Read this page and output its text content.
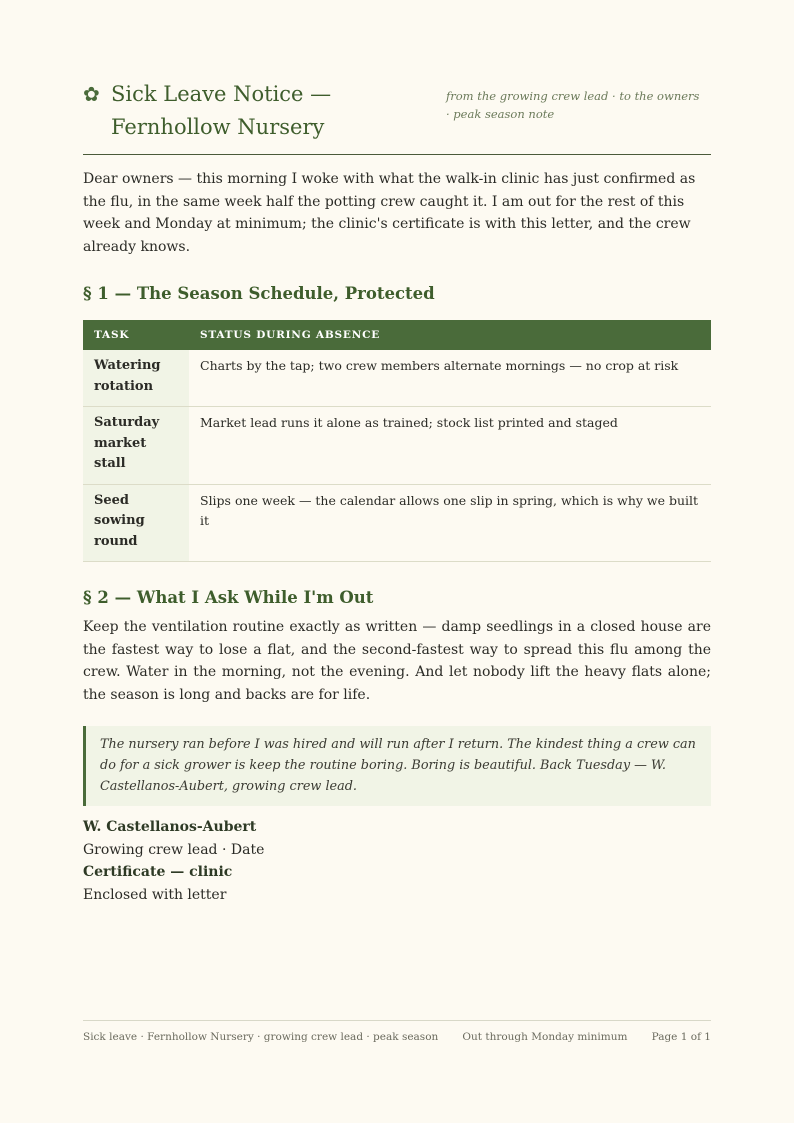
✿ Sick Leave Notice — Fernhollow Nursery
from the growing crew lead · to the owners · peak season note

Dear owners — this morning I woke with what the walk-in clinic has just confirmed as the flu, in the same week half the potting crew caught it. I am out for the rest of this week and Monday at minimum; the clinic's certificate is with this letter, and the crew already knows.

§ 1 — The Season Schedule, Protected
TASK	STATUS DURING ABSENCE
Watering rotation	Charts by the tap; two crew members alternate mornings — no crop at risk
Saturday market stall	Market lead runs it alone as trained; stock list printed and staged
Seed sowing round	Slips one week — the calendar allows one slip in spring, which is why we built it
§ 2 — What I Ask While I'm Out

Keep the ventilation routine exactly as written — damp seedlings in a closed house are the fastest way to lose a flat, and the second-fastest way to spread this flu among the crew. Water in the morning, not the evening. And let nobody lift the heavy flats alone; the season is long and backs are for life.

The nursery ran before I was hired and will run after I return. The kindest thing a crew can do for a sick grower is keep the routine boring. Boring is beautiful. Back Tuesday — W. Castellanos-Aubert, growing crew lead.
W. Castellanos-Aubert
Growing crew lead · Date
Certificate — clinic
Enclosed with letter
Sick leave · Fernhollow Nursery · growing crew lead · peak season Out through Monday minimum Page 1 of 1
